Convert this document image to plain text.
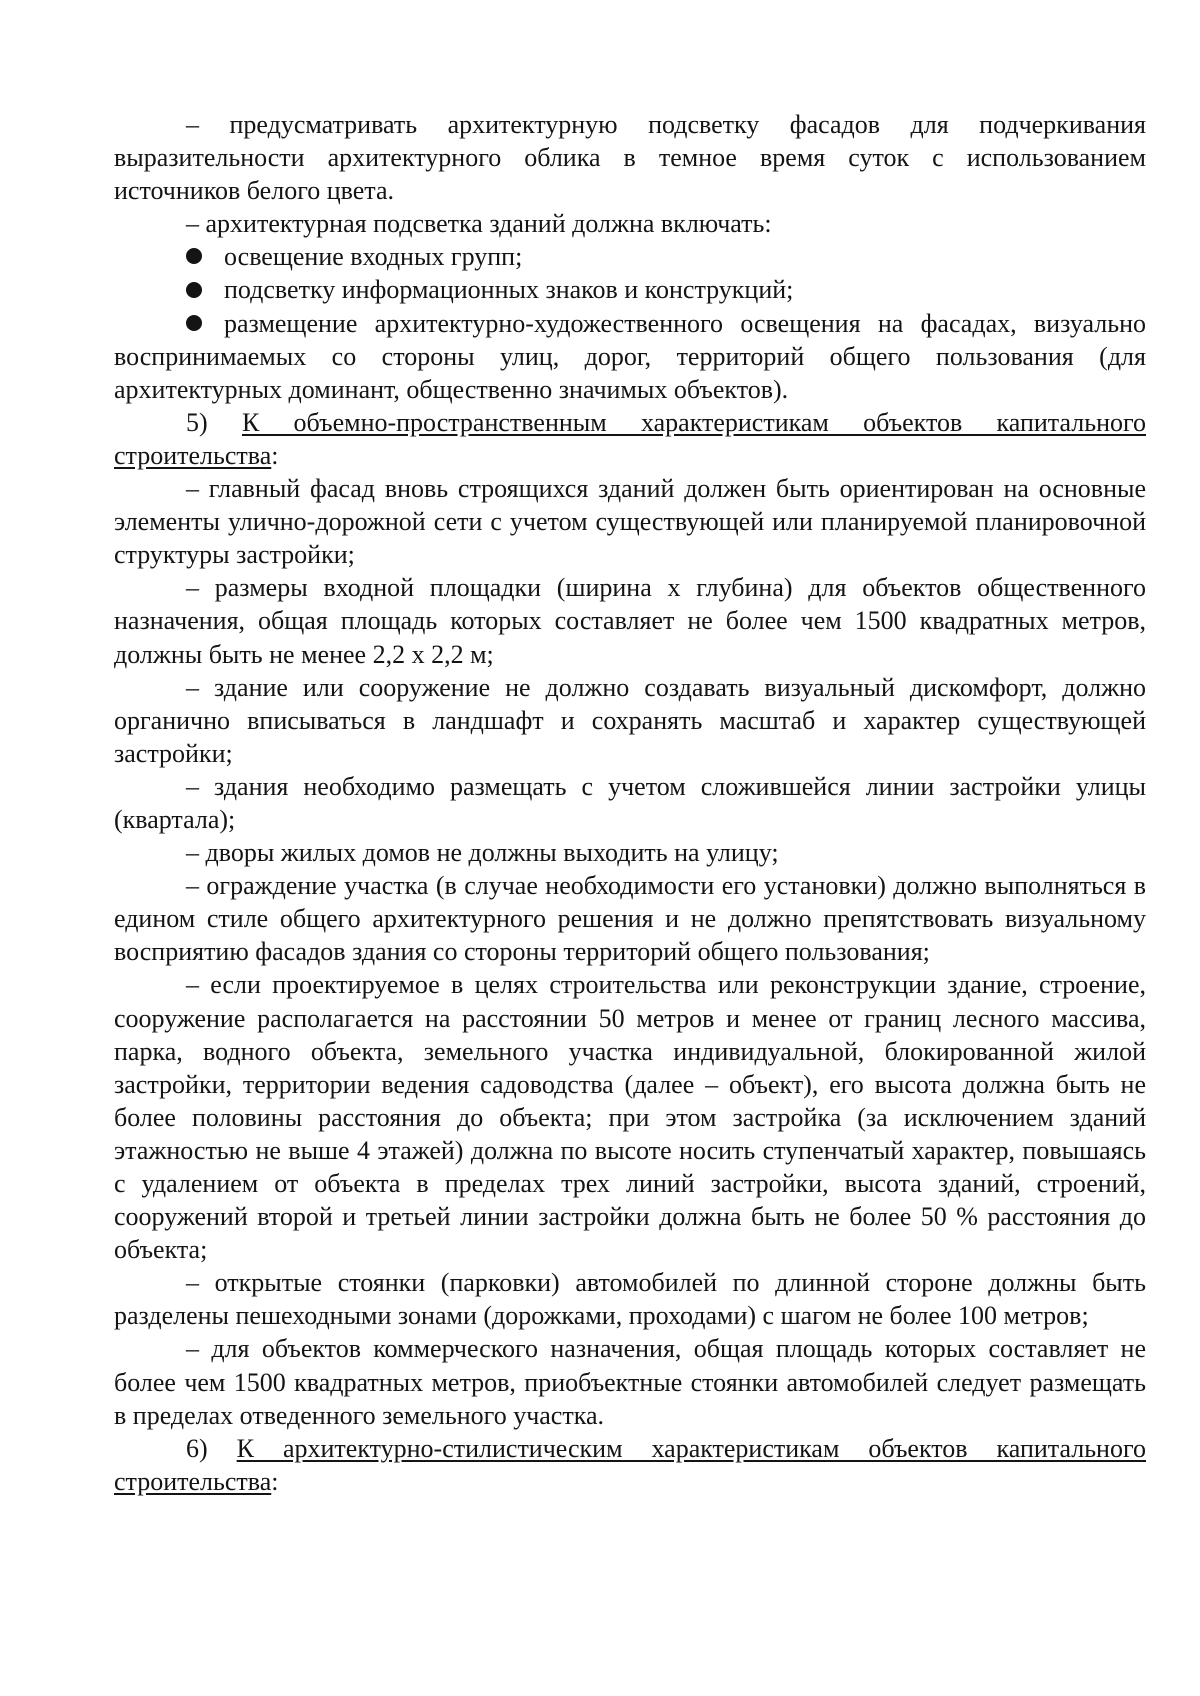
– предусматривать архитектурную подсветку фасадов для подчеркивания выразительности архитектурного облика в темное время суток с использованием источников белого цвета.

– архитектурная подсветка зданий должна включать:

освещение входных групп;

подсветку информационных знаков и конструкций;

размещение архитектурно-художественного освещения на фасадах, визуально воспринимаемых со стороны улиц, дорог, территорий общего пользования (для архитектурных доминант, общественно значимых объектов).

5) К объемно-пространственным характеристикам объектов капитального строительства:

– главный фасад вновь строящихся зданий должен быть ориентирован на основные элементы улично-дорожной сети с учетом существующей или планируемой планировочной структуры застройки;

– размеры входной площадки (ширина х глубина) для объектов общественного назначения, общая площадь которых составляет не более чем 1500 квадратных метров, должны быть не менее 2,2 х 2,2 м;

– здание или сооружение не должно создавать визуальный дискомфорт, должно органично вписываться в ландшафт и сохранять масштаб и характер существующей застройки;

– здания необходимо размещать с учетом сложившейся линии застройки улицы (квартала);

– дворы жилых домов не должны выходить на улицу;

– ограждение участка (в случае необходимости его установки) должно выполняться в едином стиле общего архитектурного решения и не должно препятствовать визуальному восприятию фасадов здания со стороны территорий общего пользования;

– если проектируемое в целях строительства или реконструкции здание, строение, сооружение располагается на расстоянии 50 метров и менее от границ лесного массива, парка, водного объекта, земельного участка индивидуальной, блокированной жилой застройки, территории ведения садоводства (далее – объект), его высота должна быть не более половины расстояния до объекта; при этом застройка (за исключением зданий этажностью не выше 4 этажей) должна по высоте носить ступенчатый характер, повышаясь с удалением от объекта в пределах трех линий застройки, высота зданий, строений, сооружений второй и третьей линии застройки должна быть не более 50 % расстояния до объекта;

– открытые стоянки (парковки) автомобилей по длинной стороне должны быть разделены пешеходными зонами (дорожками, проходами) с шагом не более 100 метров;

– для объектов коммерческого назначения, общая площадь которых составляет не более чем 1500 квадратных метров, приобъектные стоянки автомобилей следует размещать в пределах отведенного земельного участка.

6) К архитектурно-стилистическим характеристикам объектов капитального строительства:
